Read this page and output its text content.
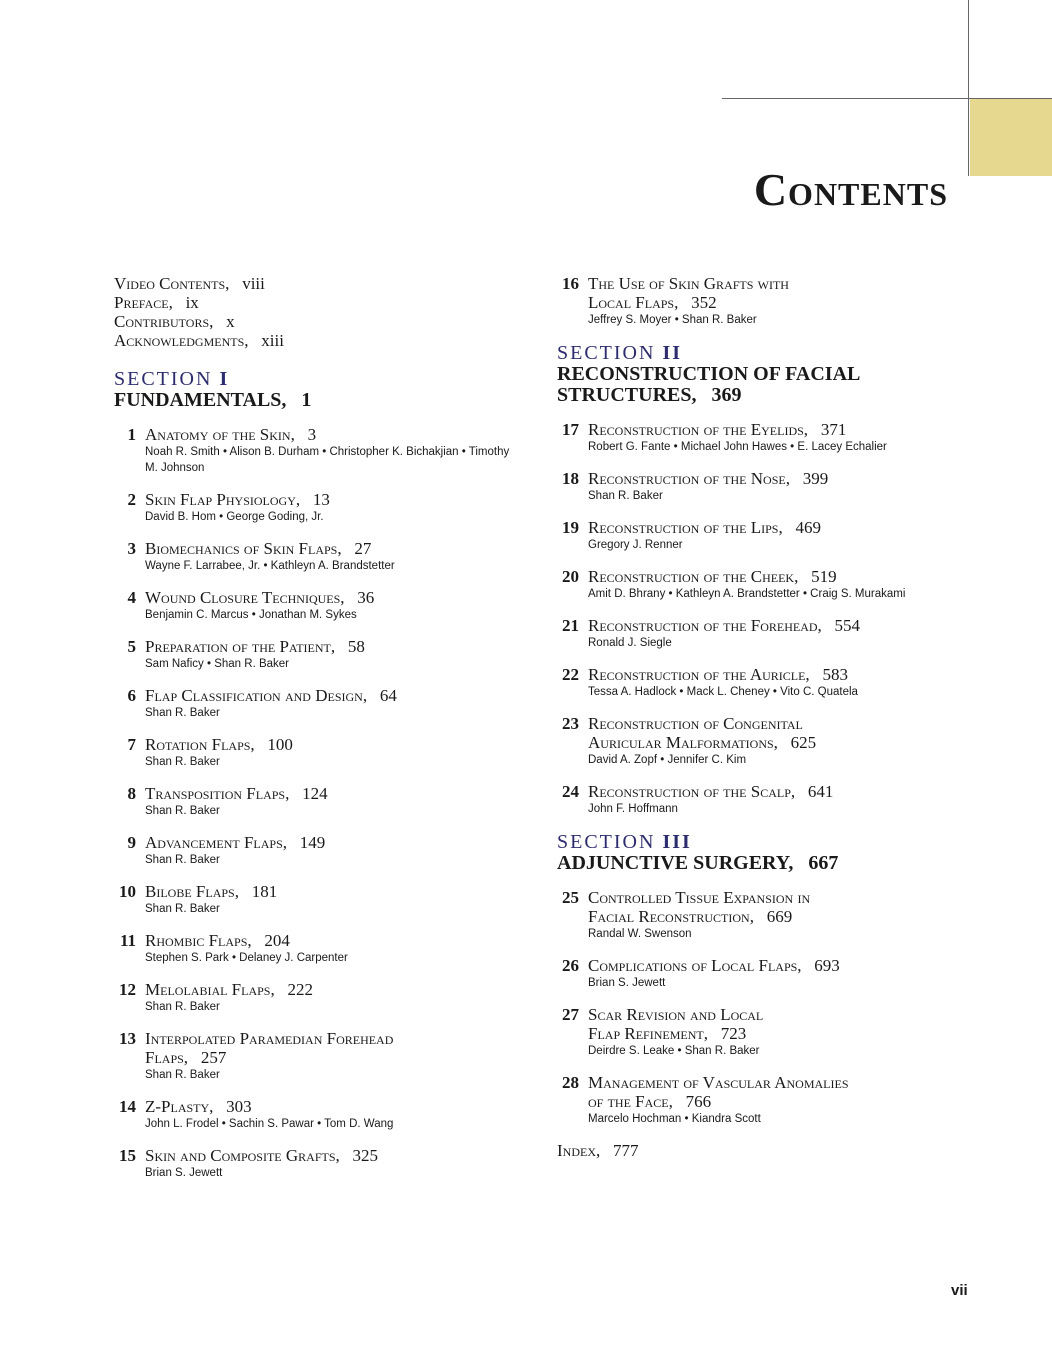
Contents
Video Contents, viii
Preface, ix
Contributors, x
Acknowledgments, xiii
SECTION I
FUNDAMENTALS, 1
1 Anatomy of the Skin, 3
Noah R. Smith • Alison B. Durham • Christopher K. Bichakjian • Timothy M. Johnson
2 Skin Flap Physiology, 13
David B. Hom • George Goding, Jr.
3 Biomechanics of Skin Flaps, 27
Wayne F. Larrabee, Jr. • Kathleyn A. Brandstetter
4 Wound Closure Techniques, 36
Benjamin C. Marcus • Jonathan M. Sykes
5 Preparation of the Patient, 58
Sam Naficy • Shan R. Baker
6 Flap Classification and Design, 64
Shan R. Baker
7 Rotation Flaps, 100
Shan R. Baker
8 Transposition Flaps, 124
Shan R. Baker
9 Advancement Flaps, 149
Shan R. Baker
10 Bilobe Flaps, 181
Shan R. Baker
11 Rhombic Flaps, 204
Stephen S. Park • Delaney J. Carpenter
12 Melolabial Flaps, 222
Shan R. Baker
13 Interpolated Paramedian Forehead
Flaps, 257
Shan R. Baker
14 Z-Plasty, 303
John L. Frodel • Sachin S. Pawar • Tom D. Wang
15 Skin and Composite Grafts, 325
Brian S. Jewett
16 The Use of Skin Grafts with
Local Flaps, 352
Jeffrey S. Moyer • Shan R. Baker
SECTION II
RECONSTRUCTION OF FACIAL
STRUCTURES,   369
17 Reconstruction of the Eyelids, 371
Robert G. Fante • Michael John Hawes • E. Lacey Echalier
18 Reconstruction of the Nose, 399
Shan R. Baker
19 Reconstruction of the Lips, 469
Gregory J. Renner
20 Reconstruction of the Cheek, 519
Amit D. Bhrany • Kathleyn A. Brandstetter • Craig S. Murakami
21 Reconstruction of the Forehead, 554
Ronald J. Siegle
22 Reconstruction of the Auricle, 583
Tessa A. Hadlock • Mack L. Cheney • Vito C. Quatela
23 Reconstruction of Congenital
Auricular Malformations, 625
David A. Zopf • Jennifer C. Kim
24 Reconstruction of the Scalp, 641
John F. Hoffmann
SECTION III
ADJUNCTIVE SURGERY, 667
25 Controlled Tissue Expansion in
Facial Reconstruction, 669
Randal W. Swenson
26 Complications of Local Flaps, 693
Brian S. Jewett
27 Scar Revision and Local
Flap Refinement, 723
Deirdre S. Leake • Shan R. Baker
28 Management of Vascular Anomalies
of the Face, 766
Marcelo Hochman • Kiandra Scott
Index, 777
vii
